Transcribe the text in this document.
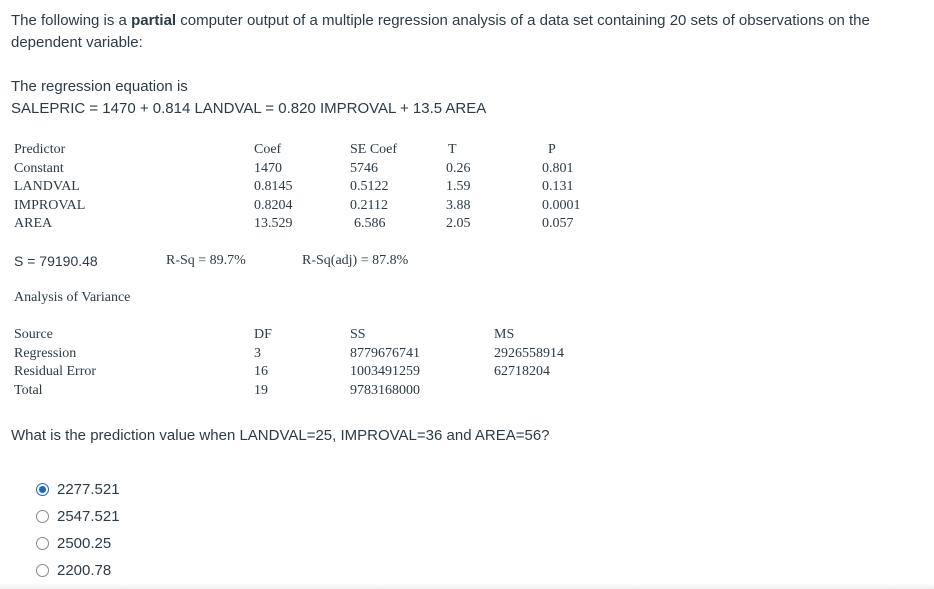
The following is a partial computer output of a multiple regression analysis of a data set containing 20 sets of observations on the dependent variable:
The regression equation is
SALEPRIC = 1470 + 0.814 LANDVAL = 0.820 IMPROVAL + 13.5 AREA
Predictor
Constant
LANDVAL
IMPROVAL
AREA
Coef
1470
0.8145
0.8204
13.529
SE Coef
5746
0.5122
0.2112
6.586
T
0.26
1.59
3.88
2.05
P
0.801
0.131
0.0001
0.057
S = 79190.48	R-Sq = 89.7%	R-Sq(adj) = 87.8%
Analysis of Variance
Source
Regression
Residual Error
Total
DF
3
16
19
SS
8779676741
1003491259
9783168000
MS
2926558914
62718204
What is the prediction value when LANDVAL=25, IMPROVAL=36 and AREA=56?
2277.521
2547.521
2500.25
2200.78
